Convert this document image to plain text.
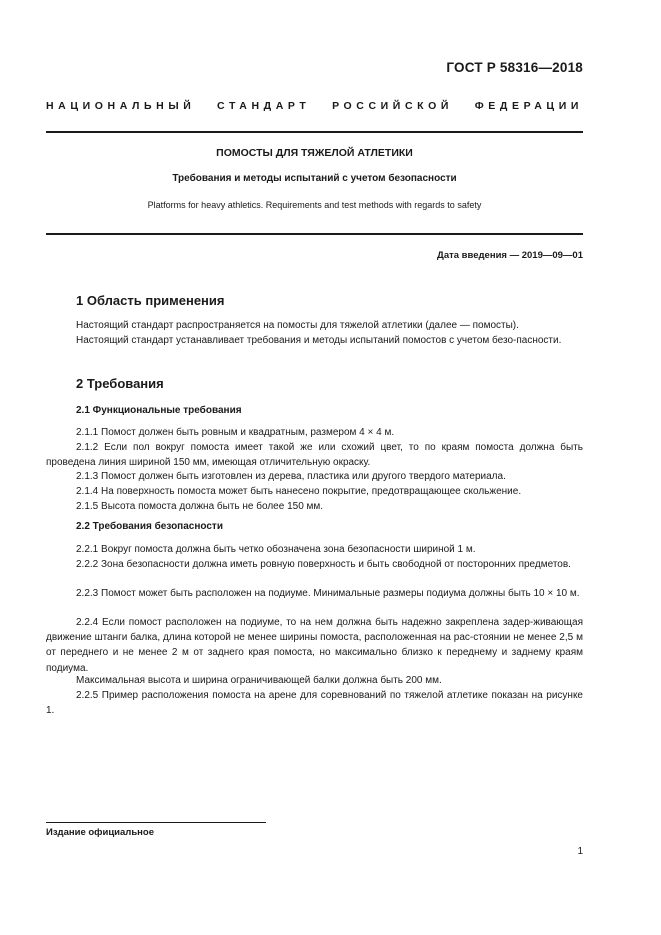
ГОСТ Р 58316—2018
НАЦИОНАЛЬНЫЙ СТАНДАРТ РОССИЙСКОЙ ФЕДЕРАЦИИ
ПОМОСТЫ ДЛЯ ТЯЖЕЛОЙ АТЛЕТИКИ
Требования и методы испытаний с учетом безопасности
Platforms for heavy athletics. Requirements and test methods with regards to safety
Дата введения — 2019—09—01
1 Область применения
Настоящий стандарт распространяется на помосты для тяжелой атлетики (далее — помосты).
Настоящий стандарт устанавливает требования и методы испытаний помостов с учетом безо-пасности.
2 Требования
2.1 Функциональные требования
2.1.1 Помост должен быть ровным и квадратным, размером 4 × 4 м.
2.1.2 Если пол вокруг помоста имеет такой же или схожий цвет, то по краям помоста должна быть проведена линия шириной 150 мм, имеющая отличительную окраску.
2.1.3 Помост должен быть изготовлен из дерева, пластика или другого твердого материала.
2.1.4 На поверхность помоста может быть нанесено покрытие, предотвращающее скольжение.
2.1.5 Высота помоста должна быть не более 150 мм.
2.2 Требования безопасности
2.2.1 Вокруг помоста должна быть четко обозначена зона безопасности шириной 1 м.
2.2.2 Зона безопасности должна иметь ровную поверхность и быть свободной от посторонних предметов.
2.2.3 Помост может быть расположен на подиуме. Минимальные размеры подиума должны быть 10 × 10 м.
2.2.4 Если помост расположен на подиуме, то на нем должна быть надежно закреплена задер-живающая движение штанги балка, длина которой не менее ширины помоста, расположенная на рас-стоянии не менее 2,5 м от переднего и не менее 2 м от заднего края помоста, но максимально близко к переднему и заднему краям подиума.
Максимальная высота и ширина ограничивающей балки должна быть 200 мм.
2.2.5 Пример расположения помоста на арене для соревнований по тяжелой атлетике показан на рисунке 1.
Издание официальное
1
